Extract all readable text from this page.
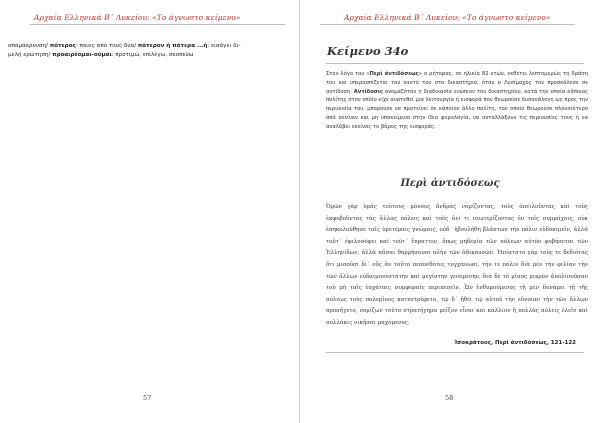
Αρχαία Ελληνικά Β΄ Λυκείου: «Το άγνωστο κείμενο»
απομάκρυνση/ πότερος: ποιος από τους δύο/ πότερον ή πότερα ...ή: εισάγει δι-
μελή ερώτηση/ προαιρέομαι-οῦμαι: προτιμώ, επιλέγω, σκοπεύω
57
Αρχαία Ελληνικά Β΄ Λυκείου: «Το άγνωστο κείμενο»
Κείμενο 34ο
Στον λόγο του «Περὶ ἀντιδόσεως» ο ρήτορας, σε ηλικία 82 ετών, εκθέτει λεπτομερώς τη δράση του και υπερασπίζεται τον εαυτό του στο δικαστήριο, όταν ο Λυσίμαχος τον προσκάλεσε σε αντίδοση. Αντίδοσις ονομαζόταν η διαδικασία ενώπιον του δικαστηρίου, κατά την οποία κάποιος πολίτης στον οποίο είχε ανατεθεί μια λειτουργία ή εισφορά που θεωρούσε δυσανάλογη ως προς την περιουσία του, μπορούσε να προτείνει σε κάποιον άλλο πολίτη, τον οποίο θεωρούσε πλουσιότερο από εκείνον και μη υποκείμενο στην ίδια φορολογία, να ανταλλάξουν τις περιουσίες τους ή να αναλάβει εκείνος το βάρος της εισφοράς.
Περὶ ἀντιδόσεως
Ὁρῶν γὰρ ὑμᾶς τούτους μόνους ἄνδρας νομίζοντας, τοὺς ἀπειλοῦντας καὶ τοὺς ἐκφοβοῦντας τὰς ἄλλας πόλεις καὶ τοὺς ἀεὶ τι νεωτερίζοντας ἐν τοῖς συμμάχοις, οὐκ ἐπηκολούθησε ταῖς ὑμετέραις γνώμαις, οὐδ΄ ἠβουλήθη βλάπτων τὴν πόλιν εὐδοκιμεῖν, ἀλλὰ τοῦτ΄ ἐφιλοσόφει καὶ τοῦτ΄ ἔπραττεν, ὅπως μηδεμία τῶν πόλεων αὐτὸν φοβήσεται τῶν Ἑλληνίδων, ἀλλὰ πᾶσαι θαρρήσουσι πλὴν τῶν ἀδικουσῶν. Ἠπίστατο γὰρ τοὺς τε δεδιότας ὅτι μισοῦσι δι΄ οὓς ἂν τοῦτο πεπονθότες τυγχάνωσι, τήν τε πόλιν διὰ μὲν τὴν φιλίαν τὴν τῶν ἄλλων εὐδαιμονεστάτην καὶ μεγίστην γενομένην, διὰ δὲ τὸ μῖσος μικρὸν ἀπολιποῦσαν τοῦ μὴ ταῖς ἐσχάταις συμφοραῖς περιπεσεῖν. Ὧν ἐνθυμούμενος τῇ μὲν δυνάμει τῇ τῆς πόλεως τοὺς πολεμίους κατεστρέφετο, τῷ δ΄ ἤθει τῷ αὑτοῦ τὴν εὔνοιαν τὴν τῶν ἄλλων προσῆγετο, νομίζων τοῦτο στρατήγημα μεῖζον εἶναι καὶ κάλλιον ἢ πολλὰς πόλεις ἑλεῖν καὶ πολλάκις νικῆσαι μαχόμενος.
Ἰσοκράτους, Περὶ ἀντιδόσεως, 121-122
58
